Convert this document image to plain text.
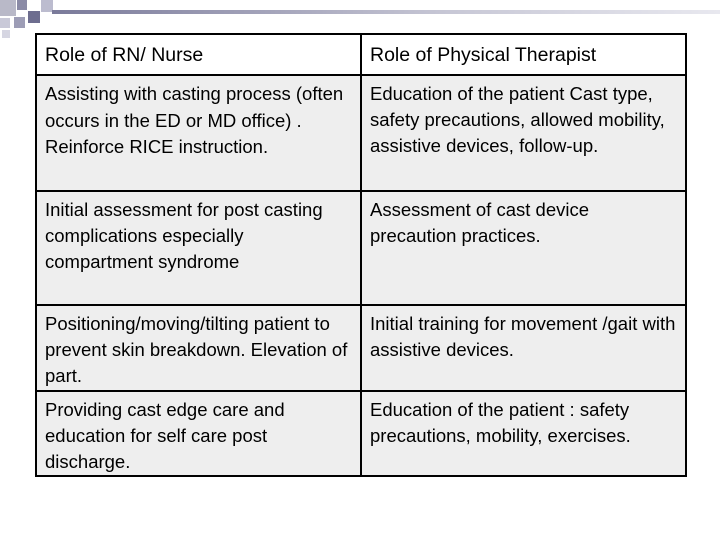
Role of RN/ Nurse	Role of Physical Therapist
Assisting with casting process (often occurs in the ED or MD office) . Reinforce RICE instruction.
Education of the patient Cast type, safety precautions, allowed mobility, assistive devices, follow-up.
Initial assessment for post casting complications especially compartment syndrome
Assessment of cast device precaution practices.
Positioning/moving/tilting patient to prevent skin breakdown. Elevation of part.
Initial training for movement /gait with assistive devices.
Providing cast edge care and education for self care post discharge.
Education of the patient : safety precautions, mobility, exercises.
